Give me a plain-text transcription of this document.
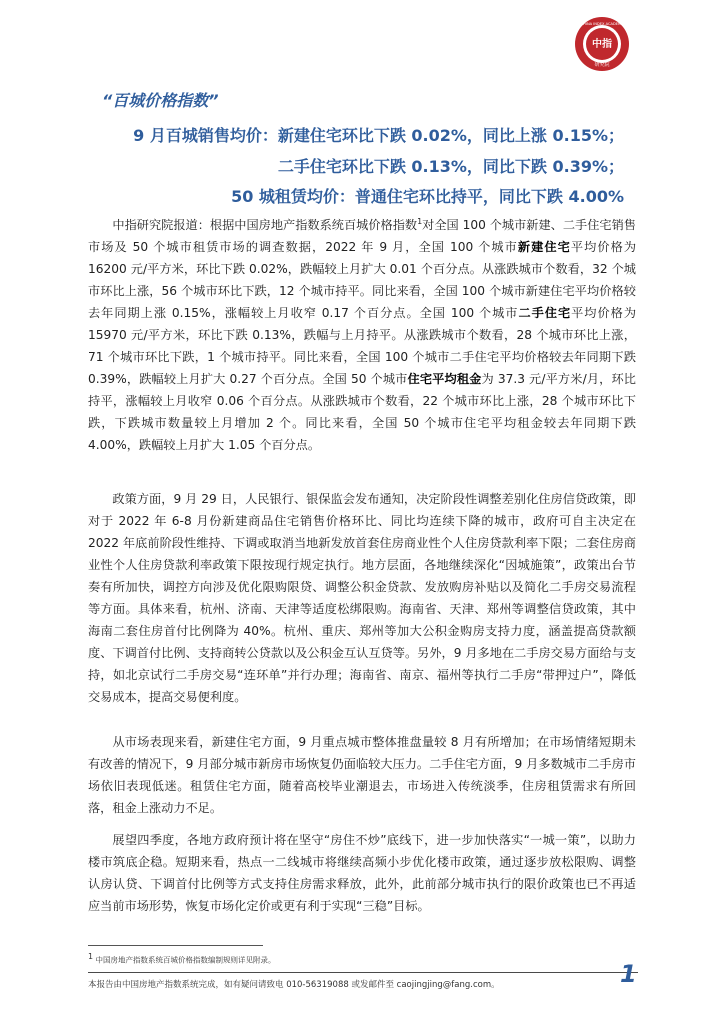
中指
研究院
CHINA INDEX ACADEMY
“百城价格指数”
9 月百城销售均价：新建住宅环比下跌 0.02%，同比上涨 0.15%；
二手住宅环比下跌 0.13%，同比下跌 0.39%；
50 城租赁均价：普通住宅环比持平，同比下跌 4.00%

中指研究院报道：根据中国房地产指数系统百城价格指数$^1$对全国 100 个城市新建、二手住宅销售市场及 50 个城市租赁市场的调查数据，2022 年 9 月，全国 100 个城市新建住宅平均价格为 16200 元/平方米，环比下跌 0.02%，跌幅较上月扩大 0.01 个百分点。从涨跌城市个数看，32 个城市环比上涨，56 个城市环比下跌，12 个城市持平。同比来看，全国 100 个城市新建住宅平均价格较去年同期上涨 0.15%，涨幅较上月收窄 0.17 个百分点。全国 100 个城市二手住宅平均价格为 15970 元/平方米，环比下跌 0.13%，跌幅与上月持平。从涨跌城市个数看，28 个城市环比上涨，71 个城市环比下跌，1 个城市持平。同比来看，全国 100 个城市二手住宅平均价格较去年同期下跌 0.39%，跌幅较上月扩大 0.27 个百分点。全国 50 个城市住宅平均租金为 37.3 元/平方米/月，环比持平，涨幅较上月收窄 0.06 个百分点。从涨跌城市个数看，22 个城市环比上涨，28 个城市环比下跌，下跌城市数量较上月增加 2 个。同比来看，全国 50 个城市住宅平均租金较去年同期下跌 4.00%，跌幅较上月扩大 1.05 个百分点。

政策方面，9 月 29 日，人民银行、银保监会发布通知，决定阶段性调整差别化住房信贷政策，即对于 2022 年 6-8 月份新建商品住宅销售价格环比、同比均连续下降的城市，政府可自主决定在 2022 年底前阶段性维持、下调或取消当地新发放首套住房商业性个人住房贷款利率下限；二套住房商业性个人住房贷款利率政策下限按现行规定执行。地方层面，各地继续深化“因城施策”，政策出台节奏有所加快，调控方向涉及优化限购限贷、调整公积金贷款、发放购房补贴以及简化二手房交易流程等方面。具体来看，杭州、济南、天津等适度松绑限购。海南省、天津、郑州等调整信贷政策，其中海南二套住房首付比例降为 40%。杭州、重庆、郑州等加大公积金购房支持力度，涵盖提高贷款额度、下调首付比例、支持商转公贷款以及公积金互认互贷等。另外，9 月多地在二手房交易方面给与支持，如北京试行二手房交易“连环单”并行办理；海南省、南京、福州等执行二手房“带押过户”，降低交易成本，提高交易便利度。

从市场表现来看，新建住宅方面，9 月重点城市整体推盘量较 8 月有所增加；在市场情绪短期未有改善的情况下，9 月部分城市新房市场恢复仍面临较大压力。二手住宅方面，9 月多数城市二手房市场依旧表现低迷。租赁住宅方面，随着高校毕业潮退去，市场进入传统淡季，住房租赁需求有所回落，租金上涨动力不足。

展望四季度，各地方政府预计将在坚守“房住不炒”底线下，进一步加快落实“一城一策”，以助力楼市筑底企稳。短期来看，热点一二线城市将继续高频小步优化楼市政策，通过逐步放松限购、调整认房认贷、下调首付比例等方式支持住房需求释放，此外，此前部分城市执行的限价政策也已不再适应当前市场形势，恢复市场化定价或更有利于实现“三稳”目标。

$^1$ 中国房地产指数系统百城价格指数编制规则详见附录。
本报告由中国房地产指数系统完成，如有疑问请致电 010-56319088 或发邮件至 caojingjing@fang.com。	1
